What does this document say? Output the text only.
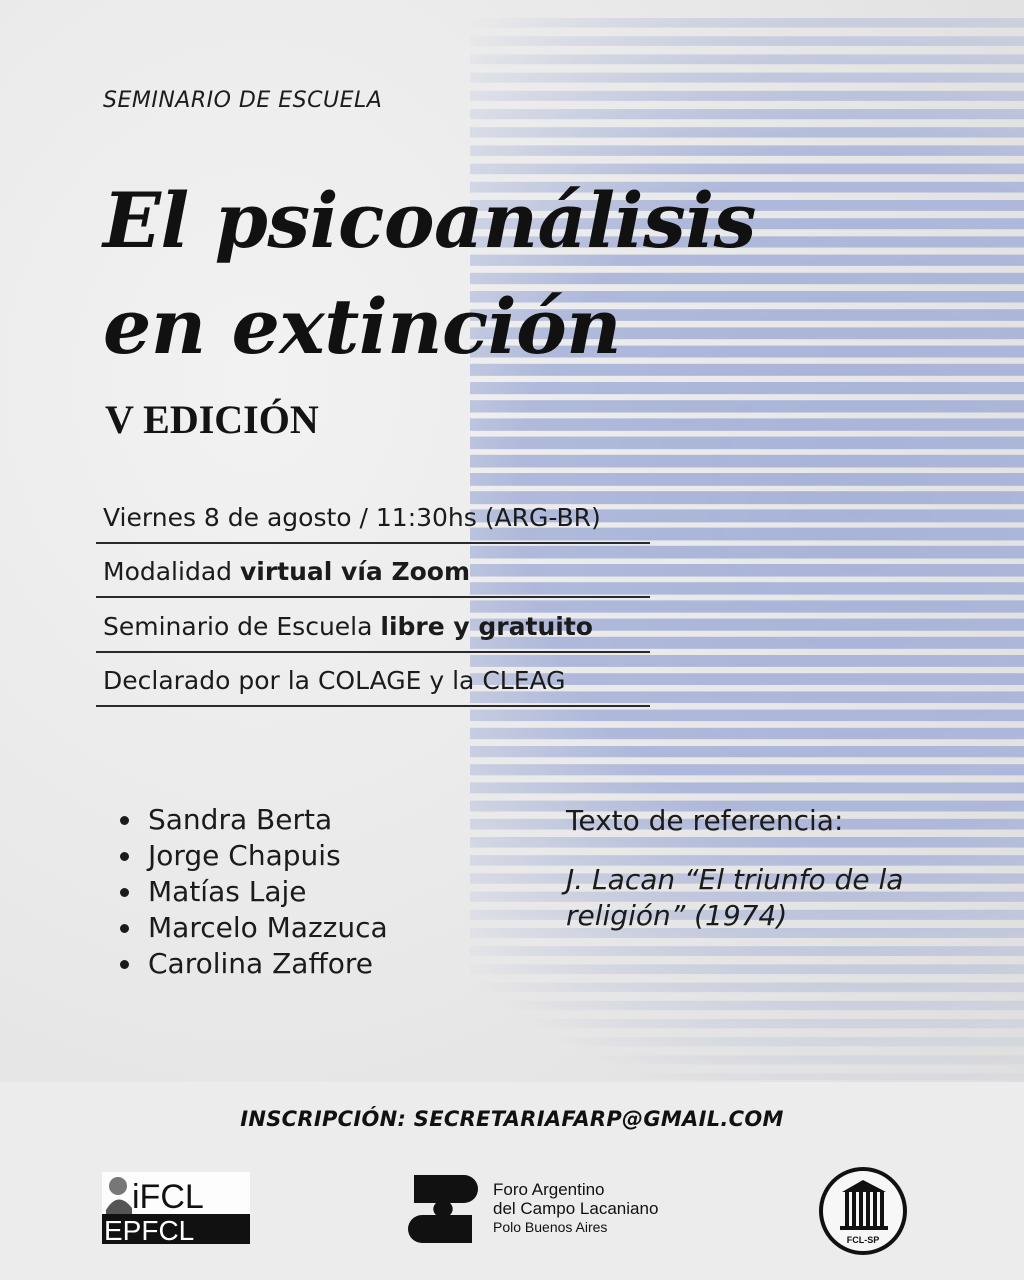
SEMINARIO DE ESCUELA
El psicoanálisis
en extinción
V EDICIÓN
Viernes 8 de agosto / 11:30hs (ARG-BR)
Modalidad virtual vía Zoom
Seminario de Escuela libre y gratuito
Declarado por la COLAGE y la CLEAG
Sandra Berta
Jorge Chapuis
Matías Laje
Marcelo Mazzuca
Carolina Zaffore
Texto de referencia:
J. Lacan “El triunfo de la religión” (1974)
INSCRIPCIÓN: SECRETARIAFARP@GMAIL.COM
iFCL
EPFCL
Foro Argentino
del Campo Lacaniano
Polo Buenos Aires
FCL-SP
